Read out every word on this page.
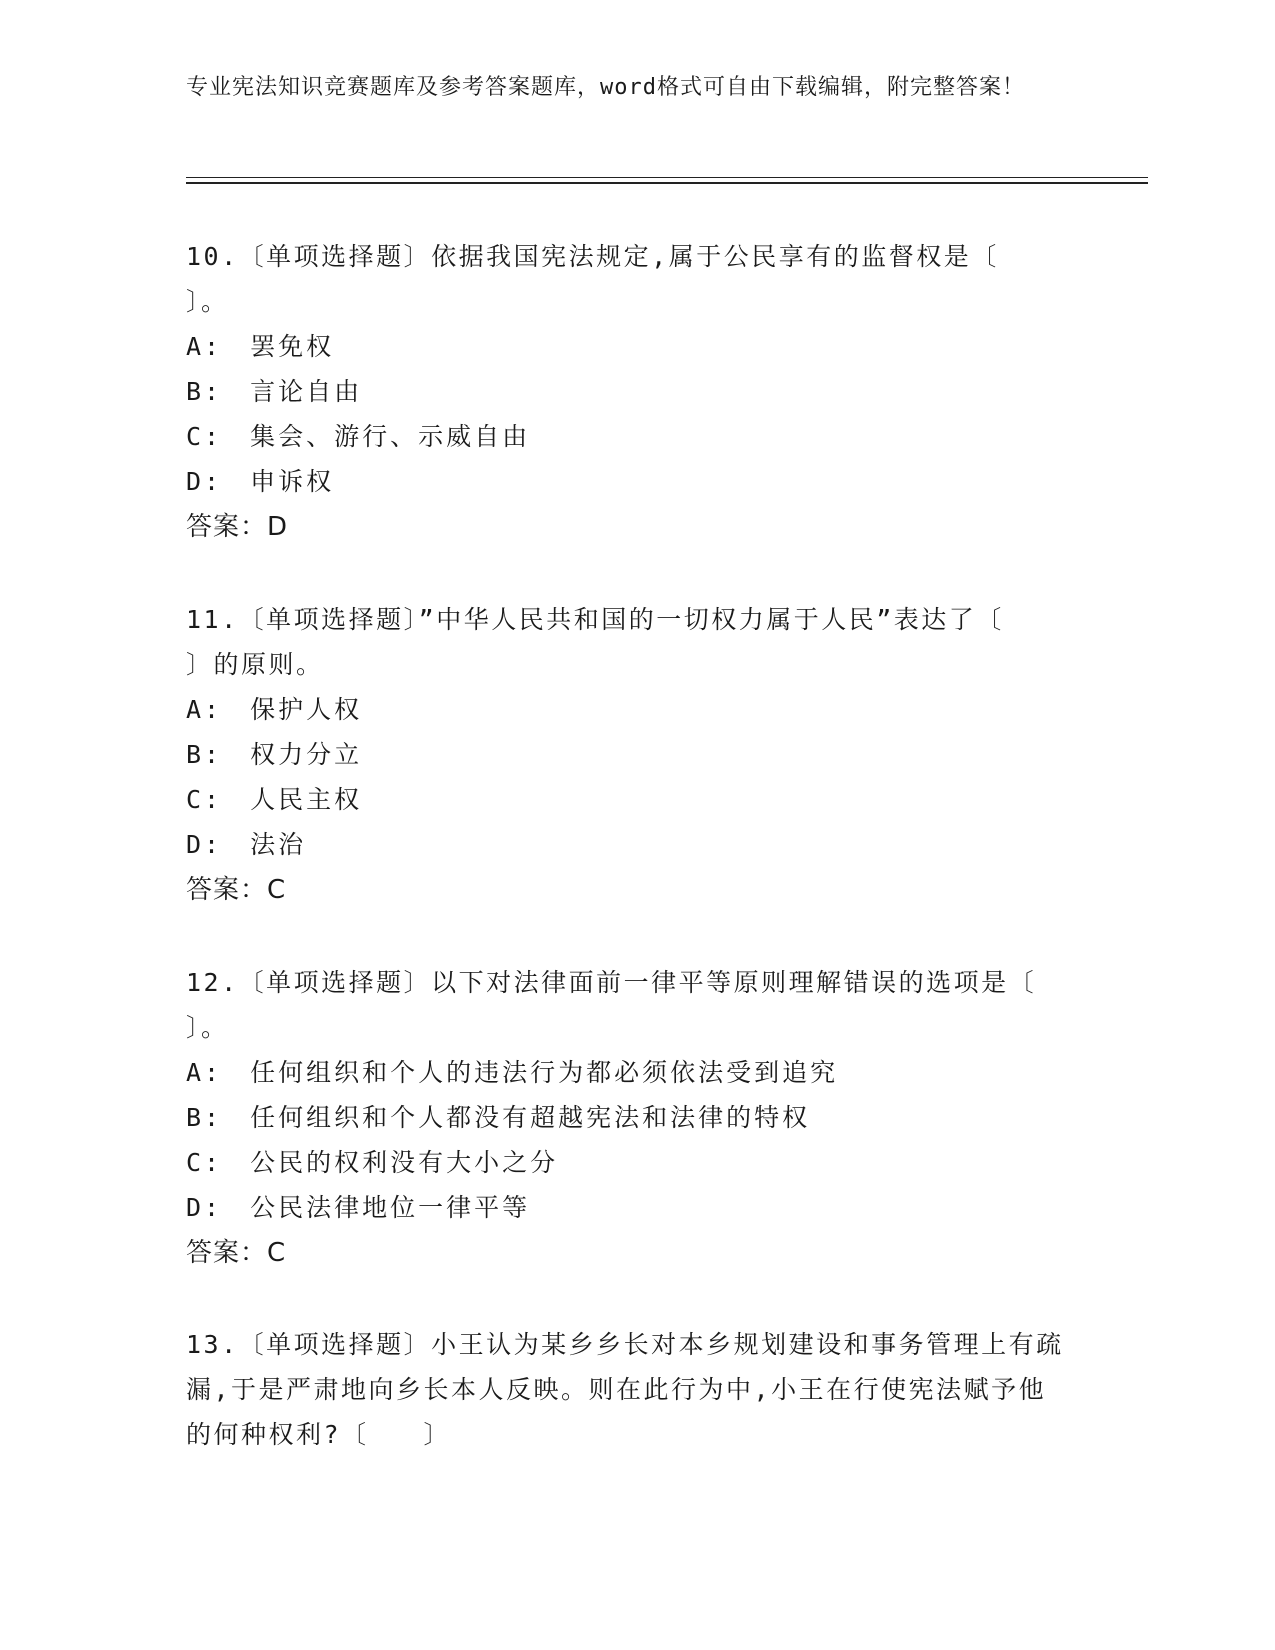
专业宪法知识竞赛题库及参考答案题库，word格式可自由下载编辑，附完整答案！
10.〔单项选择题〕依据我国宪法规定,属于公民享有的监督权是〔　　〕。
A:　罢免权
B:　言论自由
C:　集会、游行、示威自由
D:　申诉权
答案：D
11.〔单项选择题〕”中华人民共和国的一切权力属于人民”表达了〔　　〕的原则。
A:　保护人权
B:　权力分立
C:　人民主权
D:　法治
答案：C
12.〔单项选择题〕以下对法律面前一律平等原则理解错误的选项是〔　　〕。
A:　任何组织和个人的违法行为都必须依法受到追究
B:　任何组织和个人都没有超越宪法和法律的特权
C:　公民的权利没有大小之分
D:　公民法律地位一律平等
答案：C
13.〔单项选择题〕小王认为某乡乡长对本乡规划建设和事务管理上有疏漏,于是严肃地向乡长本人反映。则在此行为中,小王在行使宪法赋予他的何种权利?〔　　〕
